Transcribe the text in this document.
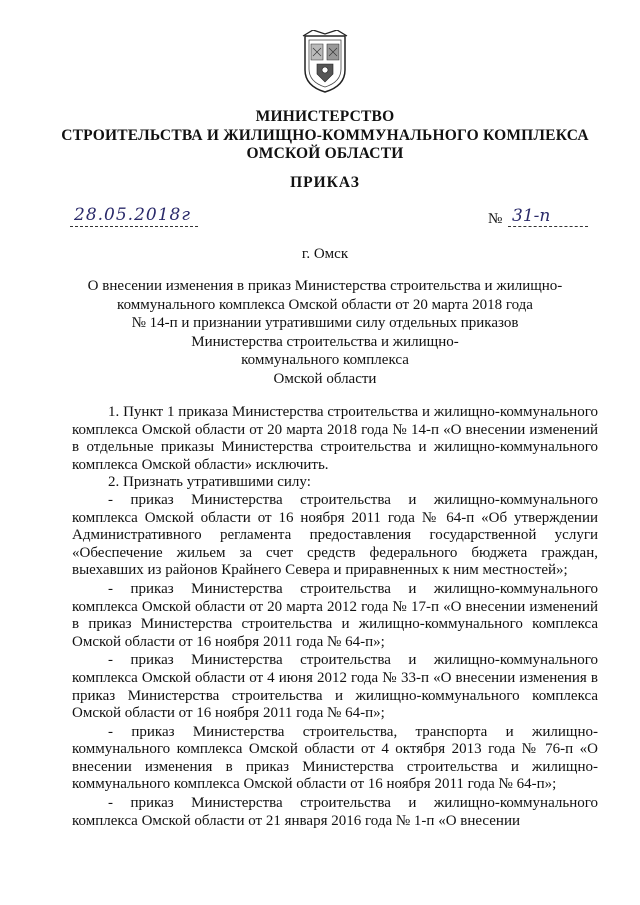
МИНИСТЕРСТВО
СТРОИТЕЛЬСТВА И ЖИЛИЩНО-КОММУНАЛЬНОГО КОМПЛЕКСА
ОМСКОЙ ОБЛАСТИ
ПРИКАЗ
28.05.2018г	№ 31-п
г. Омск
О внесении изменения в приказ Министерства строительства и жилищно-
коммунального комплекса Омской области от 20 марта 2018 года
№ 14-п и признании утратившими силу отдельных приказов
Министерства строительства и жилищно-
коммунального комплекса
Омской области

1. Пункт 1 приказа Министерства строительства и жилищно-коммунального комплекса Омской области от 20 марта 2018 года № 14-п «О внесении изменений в отдельные приказы Министерства строительства и жилищно-коммунального комплекса Омской области» исключить.

2. Признать утратившими силу:

- приказ Министерства строительства и жилищно-коммунального комплекса Омской области от 16 ноября 2011 года № 64-п «Об утверждении Административного регламента предоставления государственной услуги «Обеспечение жильем за счет средств федерального бюджета граждан, выехавших из районов Крайнего Севера и приравненных к ним местностей»;

- приказ Министерства строительства и жилищно-коммунального комплекса Омской области от 20 марта 2012 года № 17-п «О внесении изменений в приказ Министерства строительства и жилищно-коммунального комплекса Омской области от 16 ноября 2011 года № 64-п»;

- приказ Министерства строительства и жилищно-коммунального комплекса Омской области от 4 июня 2012 года № 33-п «О внесении изменения в приказ Министерства строительства и жилищно-коммунального комплекса Омской области от 16 ноября 2011 года № 64-п»;

- приказ Министерства строительства, транспорта и жилищно-коммунального комплекса Омской области от 4 октября 2013 года № 76-п «О внесении изменения в приказ Министерства строительства и жилищно-коммунального комплекса Омской области от 16 ноября 2011 года № 64-п»;

- приказ Министерства строительства и жилищно-коммунального комплекса Омской области от 21 января 2016 года № 1-п «О внесении
